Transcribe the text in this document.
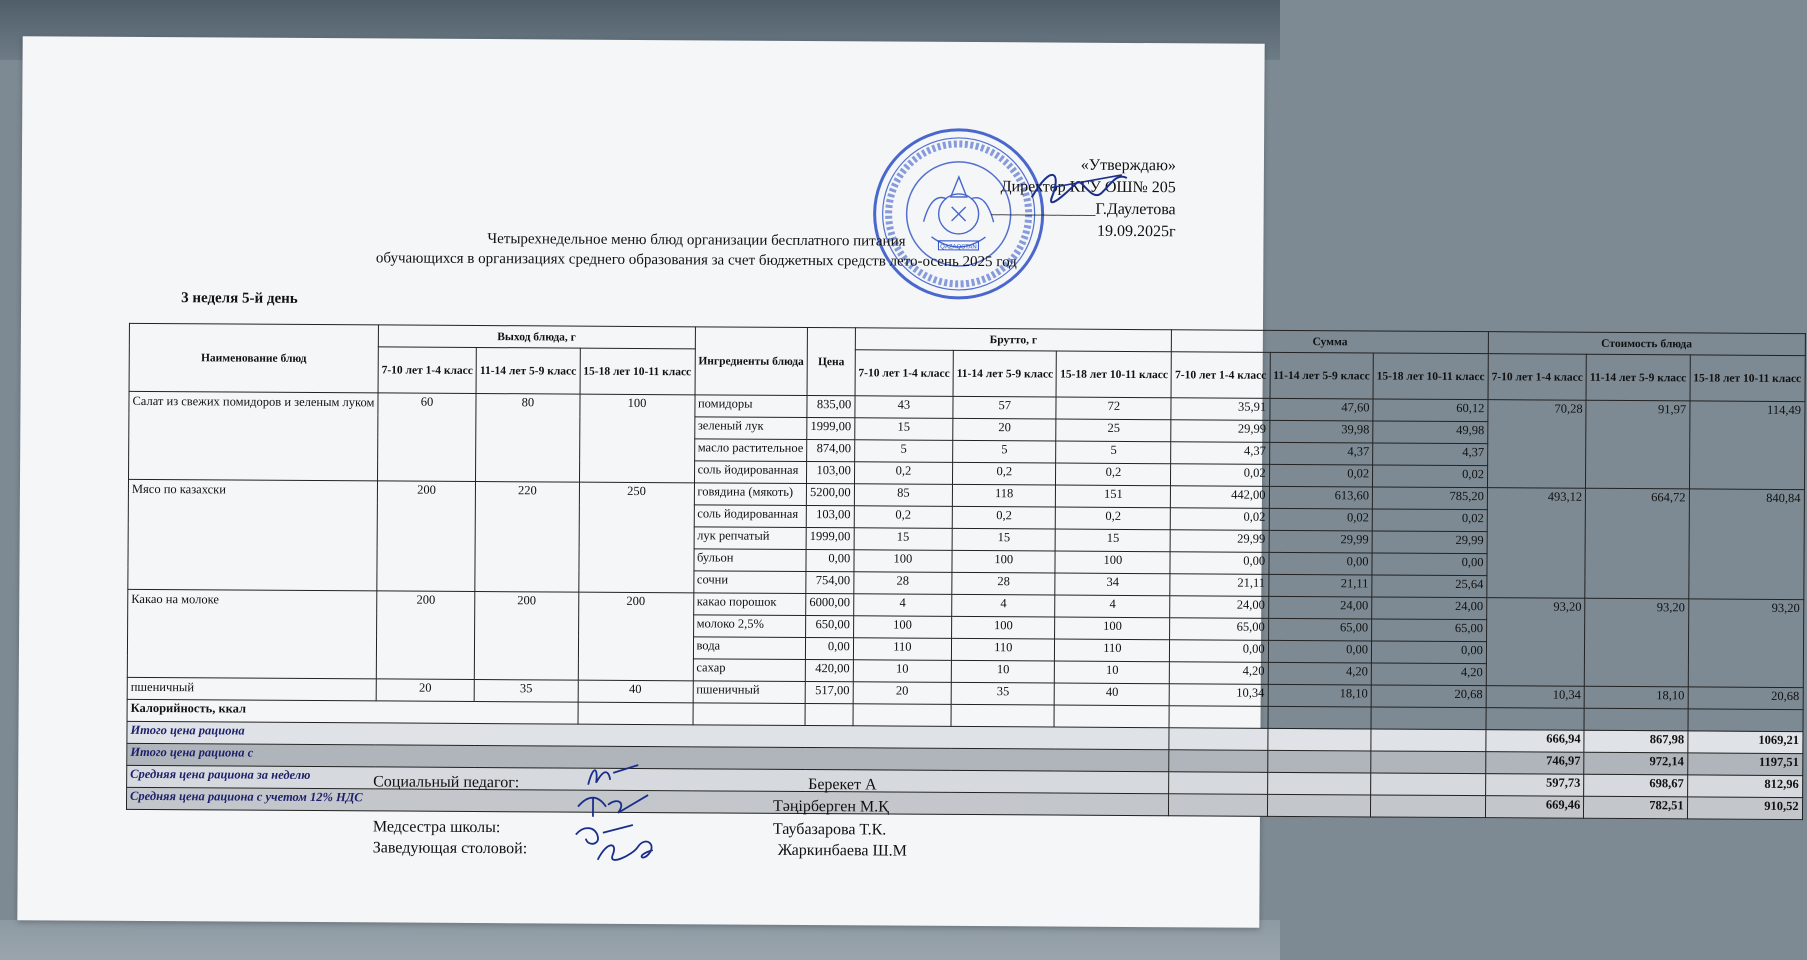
QAZAQSTAN
«Утверждаю»
Директор КГУ ОШ№ 205
_____________Г.Даулетова
19.09.2025г
Четырехнедельное меню блюд организации бесплатного питания
обучающихся в организациях среднего образования за счет бюджетных средств лето-осень 2025 год
3 неделя 5-й день
Наименование блюд	Выход блюда, г			Ингредиенты блюда	Цена	Брутто, г			Сумма			Стоимость блюда		
	7-10 лет 1-4 класс	11-14 лет 5-9 класс	15-18 лет 10-11 класс			7-10 лет 1-4 класс	11-14 лет 5-9 класс	15-18 лет 10-11 класс	7-10 лет 1-4 класс	11-14 лет 5-9 класс	15-18 лет 10-11 класс	7-10 лет 1-4 класс	11-14 лет 5-9 класс	15-18 лет 10-11 класс
Салат из свежих помидоров и зеленым луком	60	80	100	помидоры	835,00	43	57	72	35,91	47,60	60,12	70,28	91,97	114,49
				зеленый лук	1999,00	15	20	25	29,99	39,98	49,98			
				масло растительное	874,00	5	5	5	4,37	4,37	4,37			
				соль йодированная	103,00	0,2	0,2	0,2	0,02	0,02	0,02			
Мясо по казахски	200	220	250	говядина (мякоть)	5200,00	85	118	151	442,00	613,60	785,20	493,12	664,72	840,84
				соль йодированная	103,00	0,2	0,2	0,2	0,02	0,02	0,02			
				лук репчатый	1999,00	15	15	15	29,99	29,99	29,99			
				бульон	0,00	100	100	100	0,00	0,00	0,00			
				сочни	754,00	28	28	34	21,11	21,11	25,64			
Какао на молоке	200	200	200	какао порошок	6000,00	4	4	4	24,00	24,00	24,00	93,20	93,20	93,20
				молоко 2,5%	650,00	100	100	100	65,00	65,00	65,00			
				вода	0,00	110	110	110	0,00	0,00	0,00			
				сахар	420,00	10	10	10	4,20	4,20	4,20			
пшеничный	20	35	40	пшеничный	517,00	20	35	40	10,34	18,10	20,68	10,34	18,10	20,68
Калорийность, ккал														
Итого цена рациона												666,94	867,98	1069,21
Итого цена рациона с												746,97	972,14	1197,51
Средняя цена рациона за неделю												597,73	698,67	812,96
Средняя цена рациона с учетом 12% НДС												669,46	782,51	910,52
Социальный педагог:	Берекет А
Тәңірберген М.Қ
Медсестра школы:	Таубазарова Т.К.
Заведующая столовой:	Жаркинбаева Ш.М
